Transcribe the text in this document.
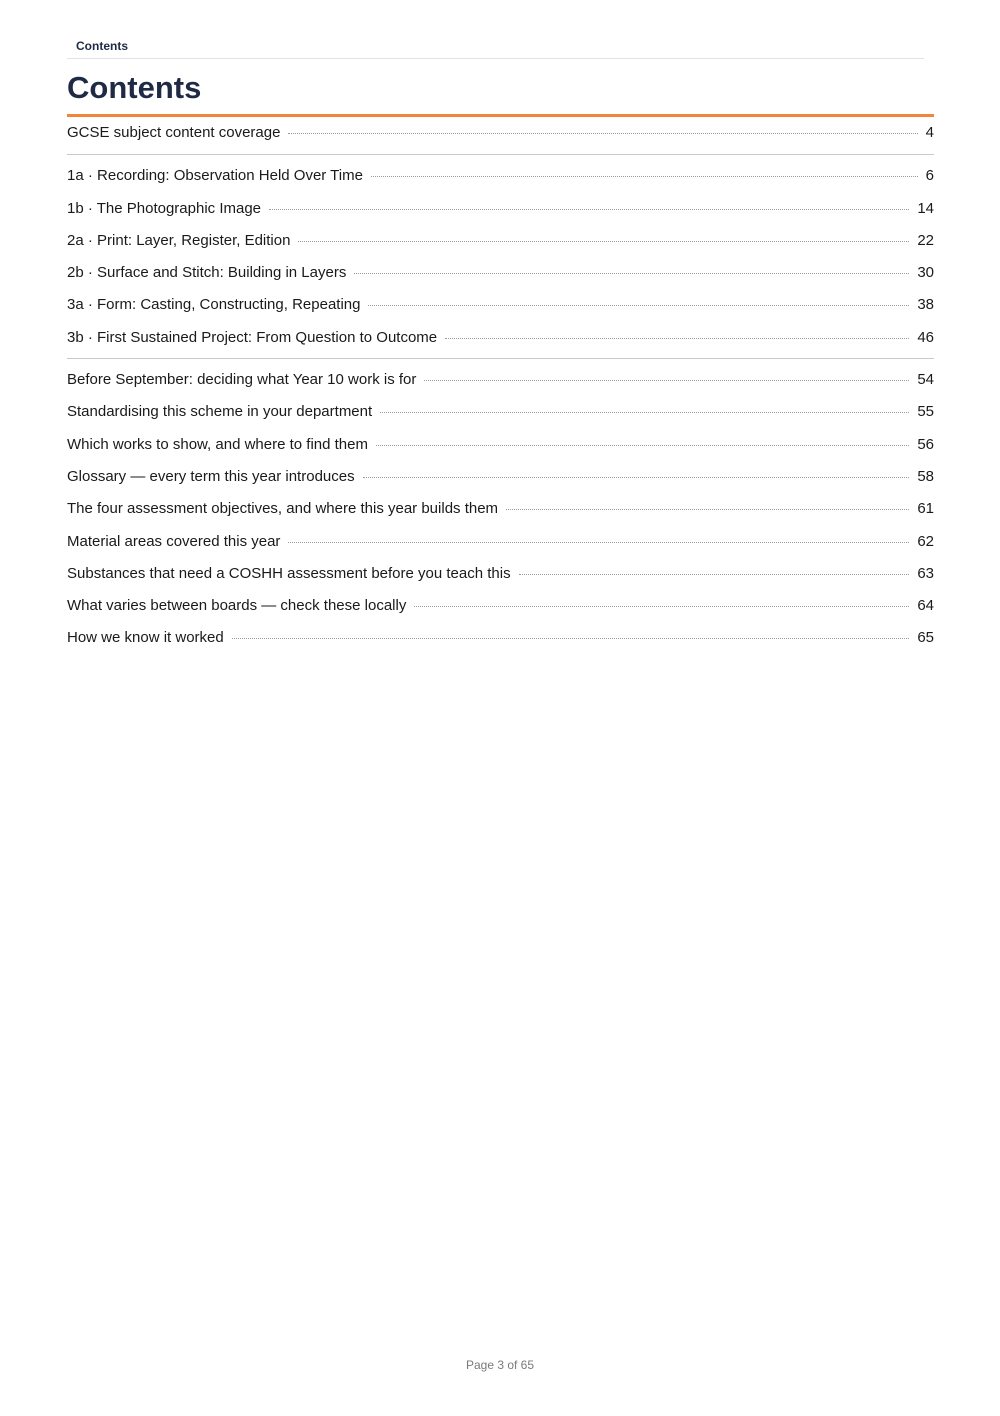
Contents
Contents
GCSE subject content coverage	4
1a · Recording: Observation Held Over Time	6
1b · The Photographic Image	14
2a · Print: Layer, Register, Edition	22
2b · Surface and Stitch: Building in Layers	30
3a · Form: Casting, Constructing, Repeating	38
3b · First Sustained Project: From Question to Outcome	46
Before September: deciding what Year 10 work is for	54
Standardising this scheme in your department	55
Which works to show, and where to find them	56
Glossary — every term this year introduces	58
The four assessment objectives, and where this year builds them	61
Material areas covered this year	62
Substances that need a COSHH assessment before you teach this	63
What varies between boards — check these locally	64
How we know it worked	65
Page 3 of 65
